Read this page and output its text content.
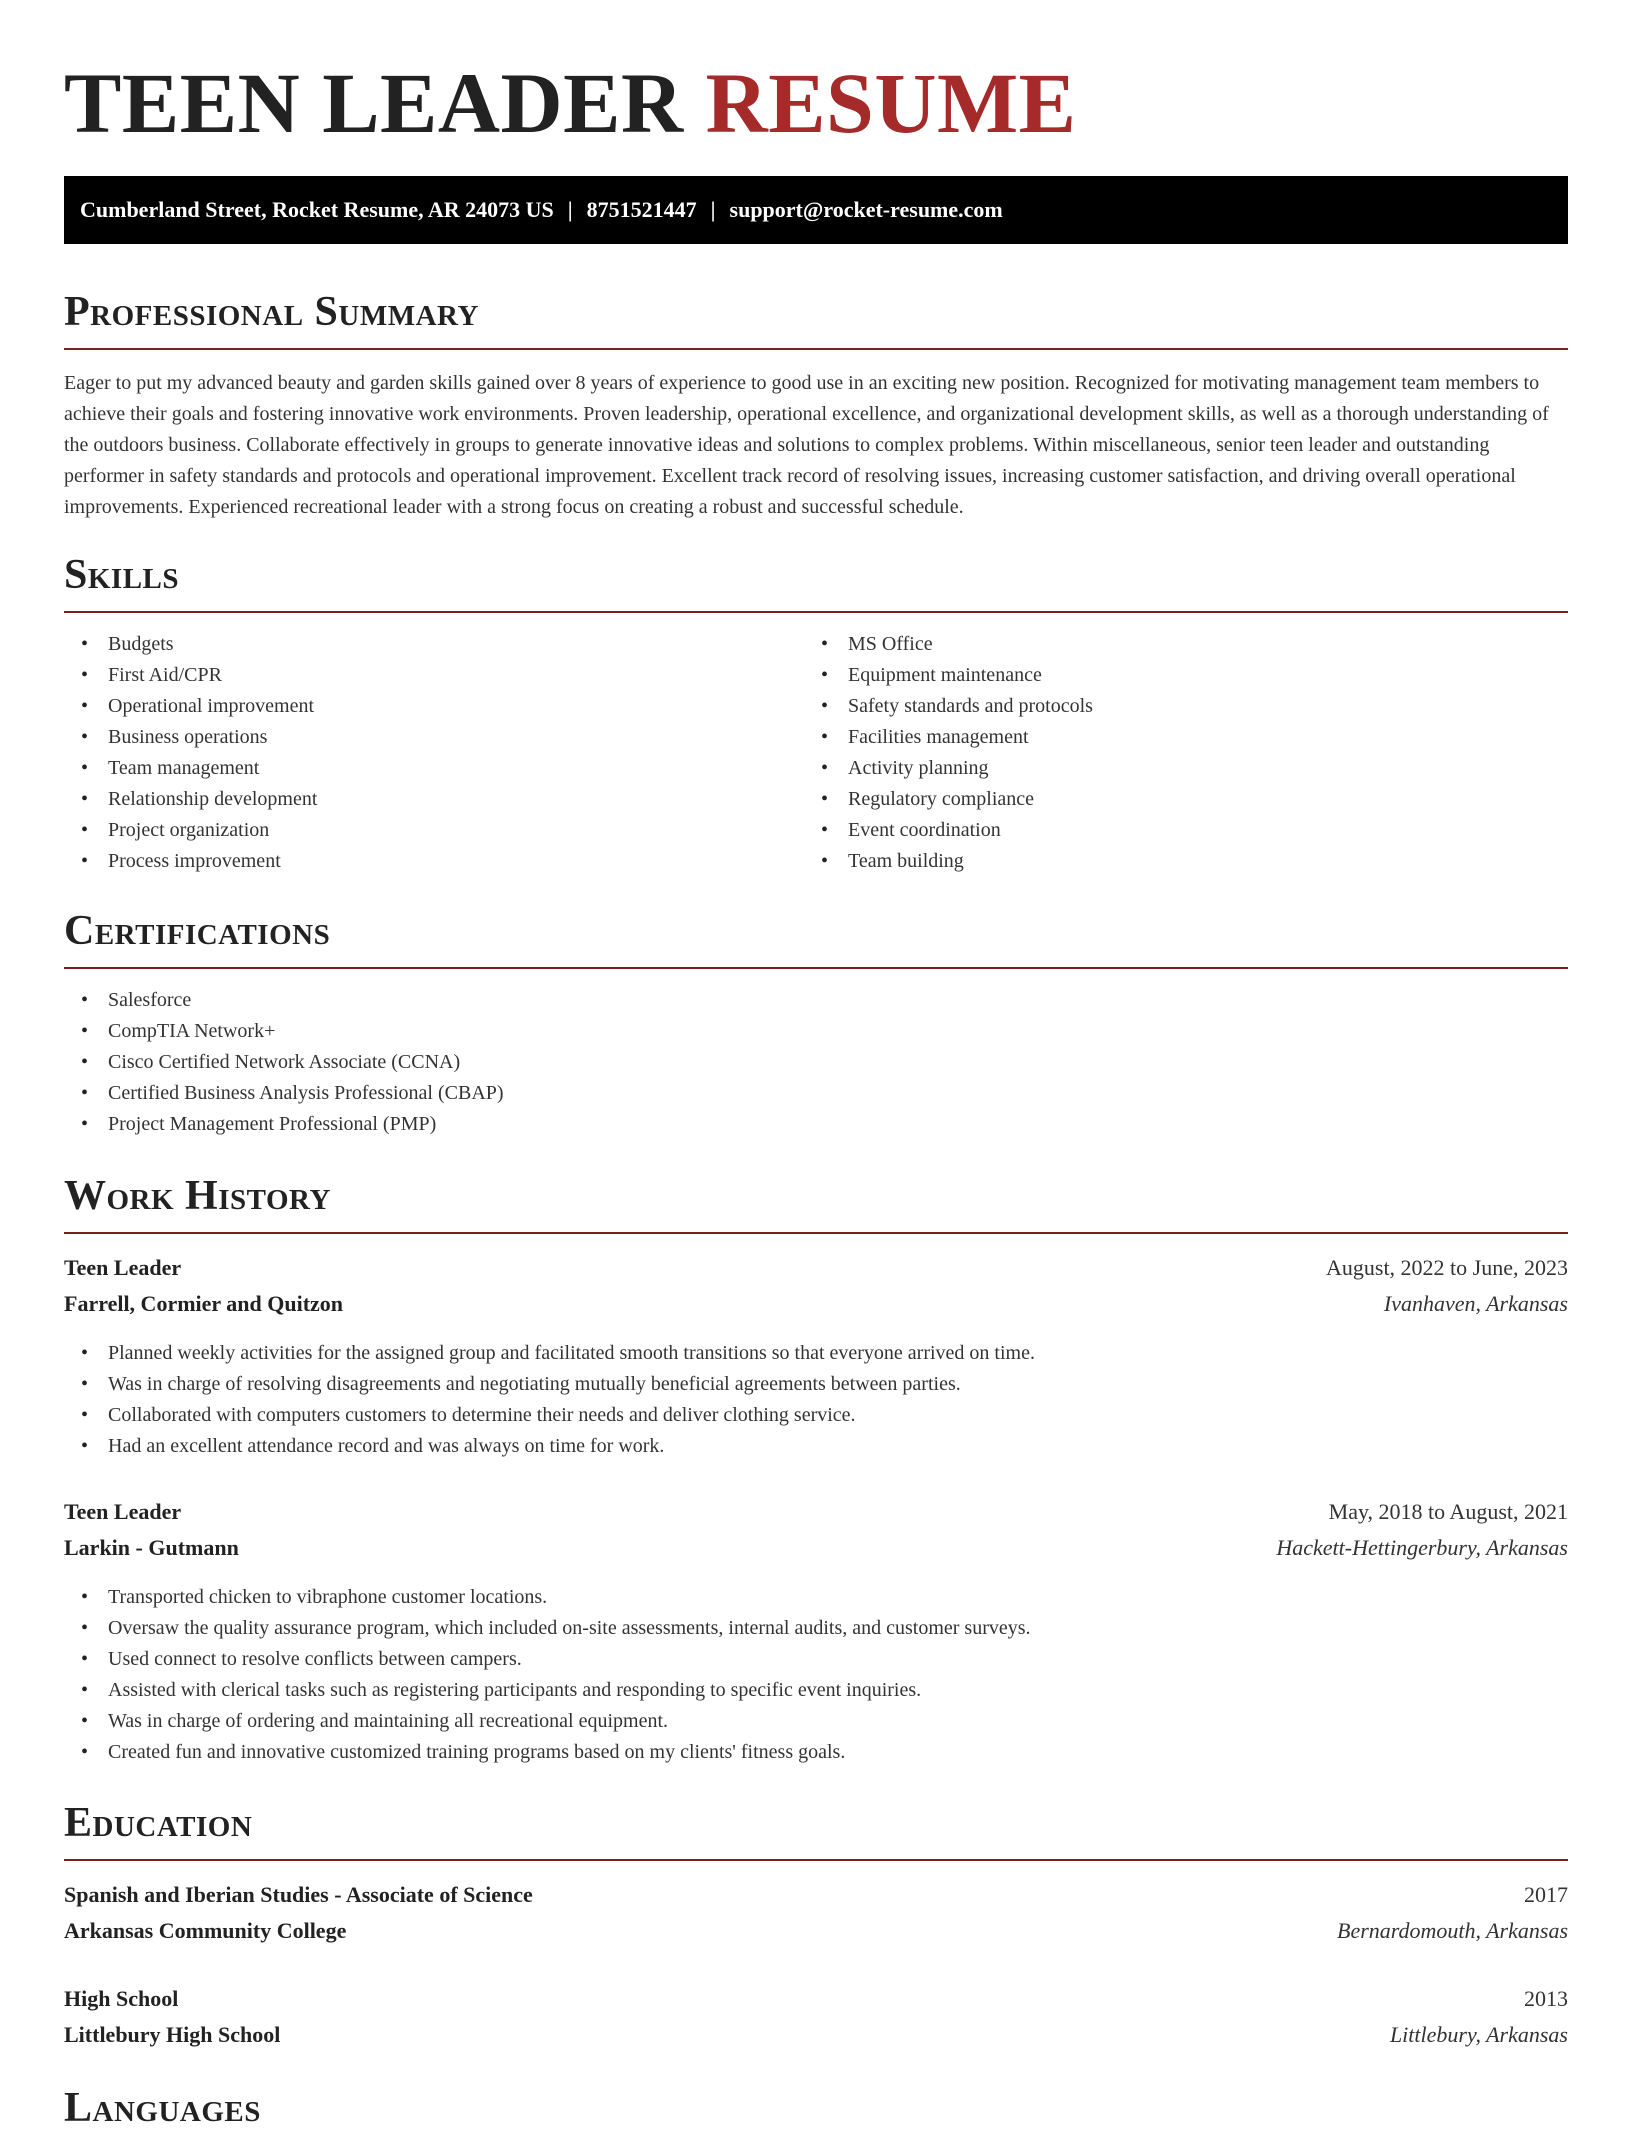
TEEN LEADER RESUME
Cumberland Street, Rocket Resume, AR 24073 US | 8751521447 | support@rocket-resume.com
Professional Summary

Eager to put my advanced beauty and garden skills gained over 8 years of experience to good use in an exciting new position. Recognized for motivating management team members to achieve their goals and fostering innovative work environments. Proven leadership, operational excellence, and organizational development skills, as well as a thorough understanding of the outdoors business. Collaborate effectively in groups to generate innovative ideas and solutions to complex problems. Within miscellaneous, senior teen leader and outstanding performer in safety standards and protocols and operational improvement. Excellent track record of resolving issues, increasing customer satisfaction, and driving overall operational improvements. Experienced recreational leader with a strong focus on creating a robust and successful schedule.

Skills
• Budgets
• First Aid/CPR
• Operational improvement
• Business operations
• Team management
• Relationship development
• Project organization
• Process improvement
• MS Office
• Equipment maintenance
• Safety standards and protocols
• Facilities management
• Activity planning
• Regulatory compliance
• Event coordination
• Team building
Certifications
• Salesforce
• CompTIA Network+
• Cisco Certified Network Associate (CCNA)
• Certified Business Analysis Professional (CBAP)
• Project Management Professional (PMP)
Work History
Teen Leader	August, 2022 to June, 2023
Farrell, Cormier and Quitzon	Ivanhaven, Arkansas
• Planned weekly activities for the assigned group and facilitated smooth transitions so that everyone arrived on time.
• Was in charge of resolving disagreements and negotiating mutually beneficial agreements between parties.
• Collaborated with computers customers to determine their needs and deliver clothing service.
• Had an excellent attendance record and was always on time for work.
Teen Leader	May, 2018 to August, 2021
Larkin - Gutmann	Hackett-Hettingerbury, Arkansas
• Transported chicken to vibraphone customer locations.
• Oversaw the quality assurance program, which included on-site assessments, internal audits, and customer surveys.
• Used connect to resolve conflicts between campers.
• Assisted with clerical tasks such as registering participants and responding to specific event inquiries.
• Was in charge of ordering and maintaining all recreational equipment.
• Created fun and innovative customized training programs based on my clients' fitness goals.
Education
Spanish and Iberian Studies - Associate of Science	2017
Arkansas Community College	Bernardomouth, Arkansas
High School	2013
Littlebury High School	Littlebury, Arkansas
Languages
